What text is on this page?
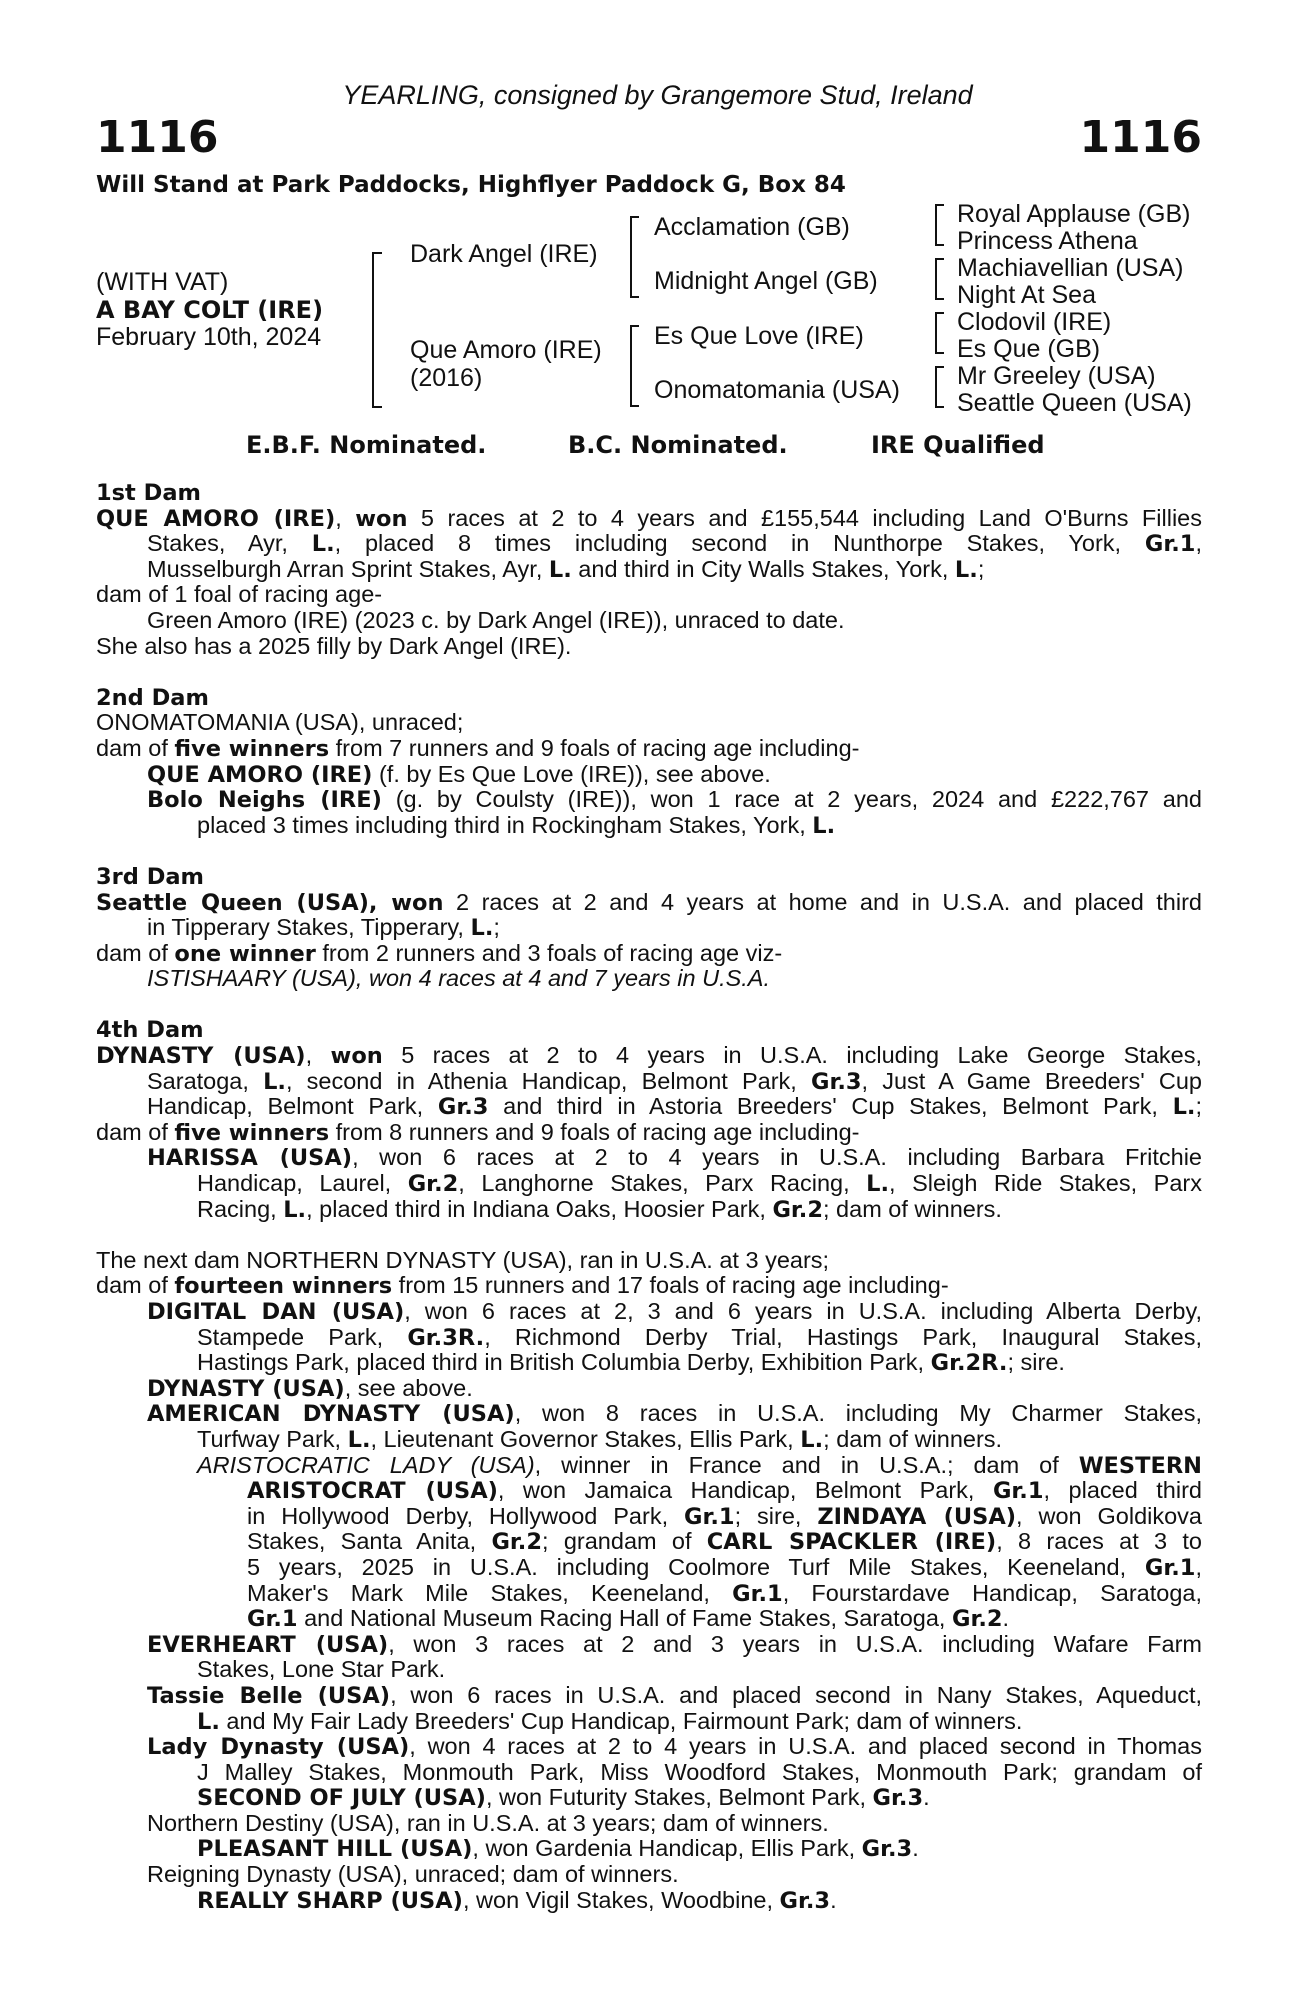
YEARLING, consigned by Grangemore Stud, Ireland
1116	1116
Will Stand at Park Paddocks, Highflyer Paddock G, Box 84
(WITH VAT)
A BAY COLT (IRE)
February 10th, 2024
Dark Angel (IRE)
Que Amoro (IRE)
(2016)
Acclamation (GB)
Midnight Angel (GB)
Es Que Love (IRE)
Onomatomania (USA)
Royal Applause (GB)
Princess Athena
Machiavellian (USA)
Night At Sea
Clodovil (IRE)
Es Que (GB)
Mr Greeley (USA)
Seattle Queen (USA)
E.B.F. Nominated.	B.C. Nominated.	IRE Qualified
1st Dam
QUE AMORO (IRE), won 5 races at 2 to 4 years and £155,544 including Land O'Burns Fillies
Stakes, Ayr, L., placed 8 times including second in Nunthorpe Stakes, York, Gr.1,
Musselburgh Arran Sprint Stakes, Ayr, L. and third in City Walls Stakes, York, L.;
dam of 1 foal of racing age-
Green Amoro (IRE) (2023 c. by Dark Angel (IRE)), unraced to date.
She also has a 2025 filly by Dark Angel (IRE).
2nd Dam
ONOMATOMANIA (USA), unraced;
dam of five winners from 7 runners and 9 foals of racing age including-
QUE AMORO (IRE) (f. by Es Que Love (IRE)), see above.
Bolo Neighs (IRE) (g. by Coulsty (IRE)), won 1 race at 2 years, 2024 and £222,767 and
placed 3 times including third in Rockingham Stakes, York, L.
3rd Dam
Seattle Queen (USA), won 2 races at 2 and 4 years at home and in U.S.A. and placed third
in Tipperary Stakes, Tipperary, L.;
dam of one winner from 2 runners and 3 foals of racing age viz-
ISTISHAARY (USA), won 4 races at 4 and 7 years in U.S.A.
4th Dam
DYNASTY (USA), won 5 races at 2 to 4 years in U.S.A. including Lake George Stakes,
Saratoga, L., second in Athenia Handicap, Belmont Park, Gr.3, Just A Game Breeders' Cup
Handicap, Belmont Park, Gr.3 and third in Astoria Breeders' Cup Stakes, Belmont Park, L.;
dam of five winners from 8 runners and 9 foals of racing age including-
HARISSA (USA), won 6 races at 2 to 4 years in U.S.A. including Barbara Fritchie
Handicap, Laurel, Gr.2, Langhorne Stakes, Parx Racing, L., Sleigh Ride Stakes, Parx
Racing, L., placed third in Indiana Oaks, Hoosier Park, Gr.2; dam of winners.
The next dam NORTHERN DYNASTY (USA), ran in U.S.A. at 3 years;
dam of fourteen winners from 15 runners and 17 foals of racing age including-
DIGITAL DAN (USA), won 6 races at 2, 3 and 6 years in U.S.A. including Alberta Derby,
Stampede Park, Gr.3R., Richmond Derby Trial, Hastings Park, Inaugural Stakes,
Hastings Park, placed third in British Columbia Derby, Exhibition Park, Gr.2R.; sire.
DYNASTY (USA), see above.
AMERICAN DYNASTY (USA), won 8 races in U.S.A. including My Charmer Stakes,
Turfway Park, L., Lieutenant Governor Stakes, Ellis Park, L.; dam of winners.
ARISTOCRATIC LADY (USA), winner in France and in U.S.A.; dam of WESTERN
ARISTOCRAT (USA), won Jamaica Handicap, Belmont Park, Gr.1, placed third
in Hollywood Derby, Hollywood Park, Gr.1; sire, ZINDAYA (USA), won Goldikova
Stakes, Santa Anita, Gr.2; grandam of CARL SPACKLER (IRE), 8 races at 3 to
5 years, 2025 in U.S.A. including Coolmore Turf Mile Stakes, Keeneland, Gr.1,
Maker's Mark Mile Stakes, Keeneland, Gr.1, Fourstardave Handicap, Saratoga,
Gr.1 and National Museum Racing Hall of Fame Stakes, Saratoga, Gr.2.
EVERHEART (USA), won 3 races at 2 and 3 years in U.S.A. including Wafare Farm
Stakes, Lone Star Park.
Tassie Belle (USA), won 6 races in U.S.A. and placed second in Nany Stakes, Aqueduct,
L. and My Fair Lady Breeders' Cup Handicap, Fairmount Park; dam of winners.
Lady Dynasty (USA), won 4 races at 2 to 4 years in U.S.A. and placed second in Thomas
J Malley Stakes, Monmouth Park, Miss Woodford Stakes, Monmouth Park; grandam of
SECOND OF JULY (USA), won Futurity Stakes, Belmont Park, Gr.3.
Northern Destiny (USA), ran in U.S.A. at 3 years; dam of winners.
PLEASANT HILL (USA), won Gardenia Handicap, Ellis Park, Gr.3.
Reigning Dynasty (USA), unraced; dam of winners.
REALLY SHARP (USA), won Vigil Stakes, Woodbine, Gr.3.
